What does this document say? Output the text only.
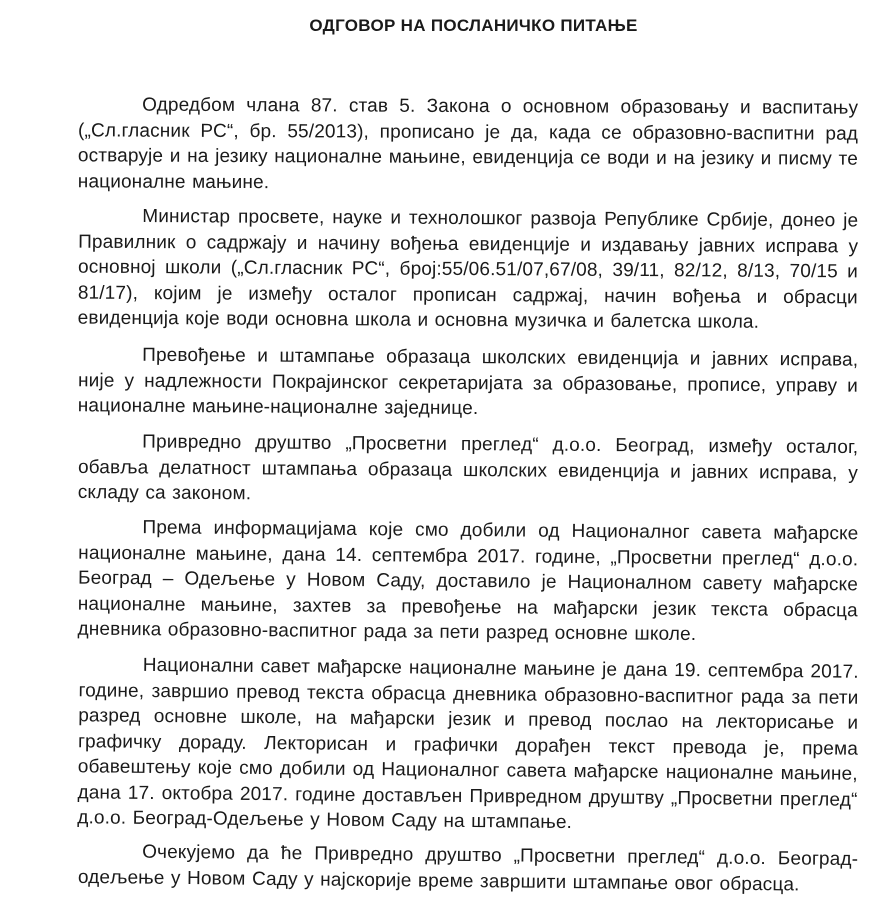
ОДГОВОР НА ПОСЛАНИЧКО ПИТАЊЕ

Одредбом члана 87. став 5. Закона о основном образовању и васпитању („Сл.гласник РС“, бр. 55/2013), прописано је да, када се образовно-васпитни рад остварује и на језику националне мањине, евиденција се води и на језику и писму те националне мањине.

Министар просвете, науке и технолошког развоја Републике Србије, донео је Правилник о садржају и начину вођења евиденције и издавању јавних исправа у основној школи („Сл.гласник РС“, број:55/06.51/07,67/08, 39/11, 82/12, 8/13, 70/15 и 81/17), којим је између осталог прописан садржај, начин вођења и обрасци евиденција које води основна школа и основна музичка и балетска школа.

Превођење и штампање образаца школских евиденција и јавних исправа, није у надлежности Покрајинског секретаријата за образовање, прописе, управу и националне мањине-националне заједнице.

Привредно друштво „Просветни преглед“ д.о.о. Београд, између осталог, обавља делатност штампања образаца школских евиденција и јавних исправа, у складу са законом.

Према информацијама које смо добили од Националног савета мађарске националне мањине, дана 14. септембра 2017. године, „Просветни преглед“ д.о.о. Београд – Одељење у Новом Саду, доставило је Националном савету мађарске националне мањине, захтев за превођење на мађарски језик текста обрасца дневника образовно-васпитног рада за пети разред основне школе.

Национални савет мађарске националне мањине је дана 19. септембра 2017. године, завршио превод текста обрасца дневника образовно-васпитног рада за пети разред основне школе, на мађарски језик и превод послао на лекторисање и графичку дораду. Лекторисан и графички дорађен текст превода је, према обавештењу које смо добили од Националног савета мађарске националне мањине, дана 17. октобра 2017. године достављен Привредном друштву „Просветни преглед“ д.о.о. Београд-Одељење у Новом Саду на штампање.

Очекујемо да ће Привредно друштво „Просветни преглед“ д.о.о. Београд-одељење у Новом Саду у најскорије време завршити штампање овог обрасца.
